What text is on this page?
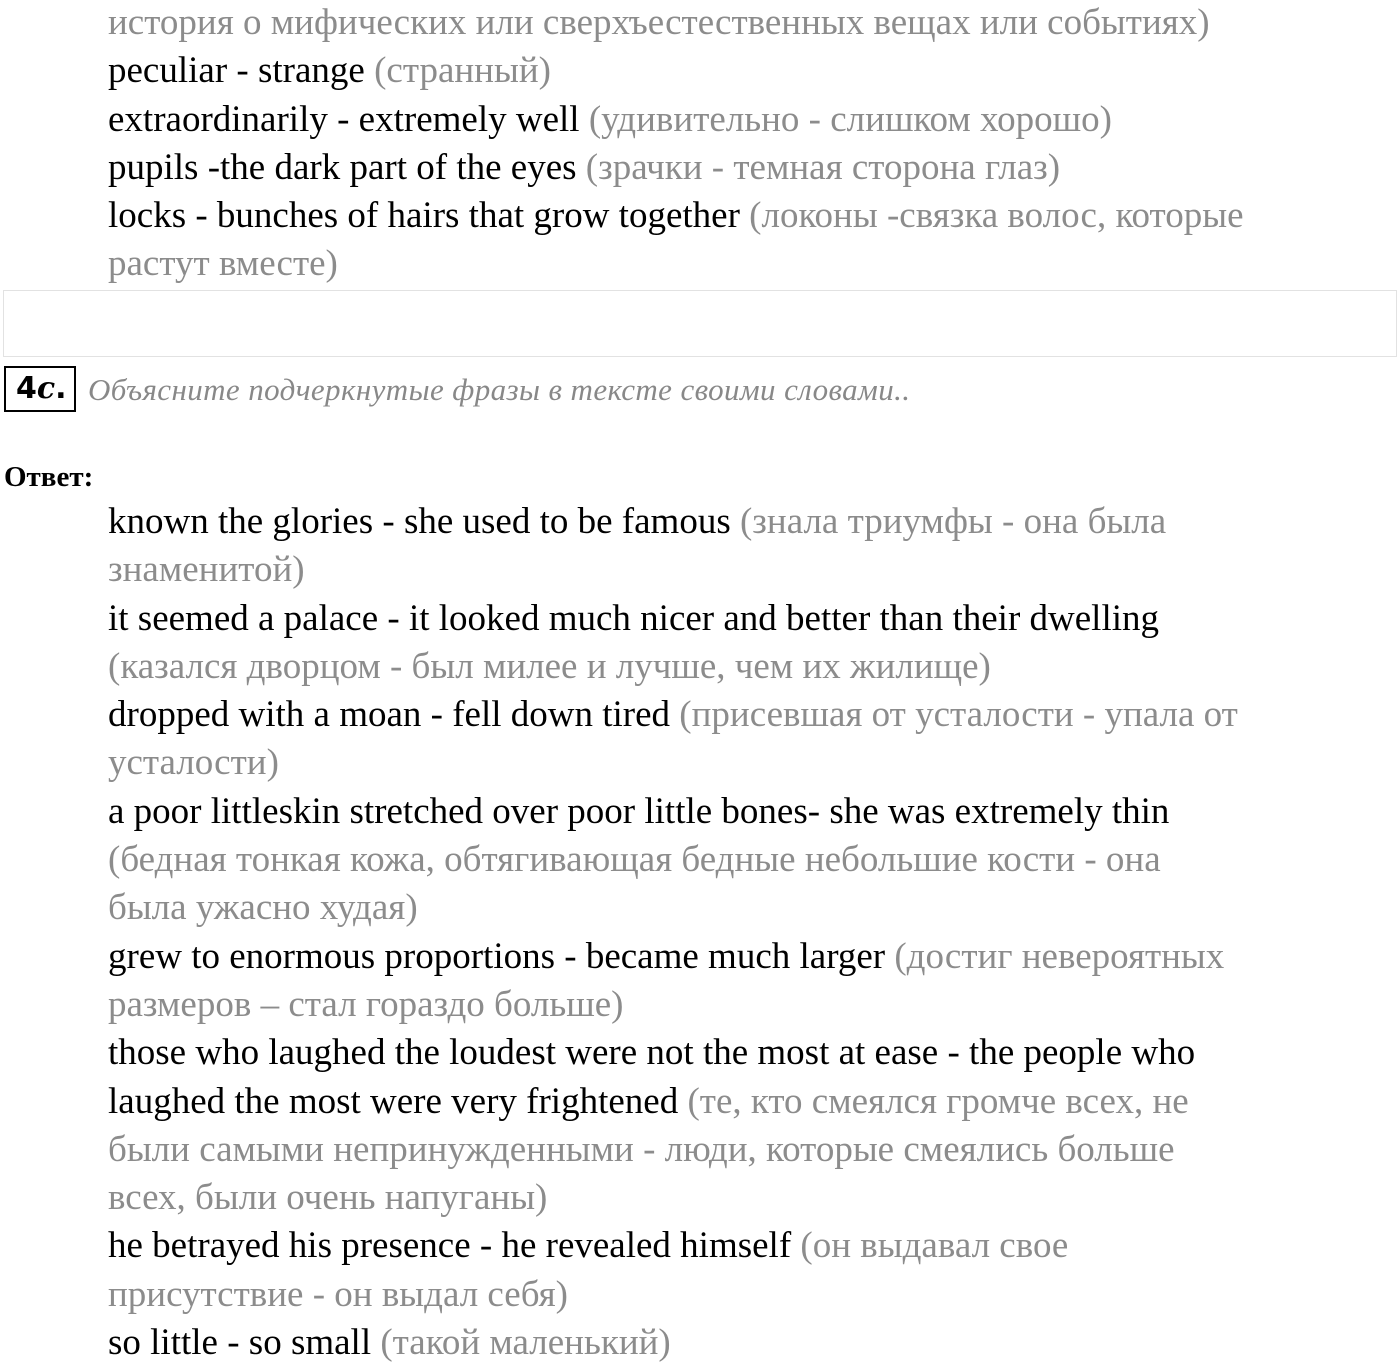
история о мифических или сверхъестественных вещах или событиях)
peculiar - strange (странный)
extraordinarily - extremely well (удивительно - слишком хорошо)
pupils -the dark part of the eyes (зрачки - темная сторона глаз)
locks - bunches of hairs that grow together (локоны -связка волос, которые
растут вместе)
4c. Объясните подчеркнутые фразы в тексте своими словами..
Ответ:
known the glories - she used to be famous (знала триумфы - она была
знаменитой)
it seemed a palace - it looked much nicer and better than their dwelling
(казался дворцом - был милее и лучше, чем их жилище)
dropped with a moan - fell down tired (присевшая от усталости - упала от
усталости)
a poor littleskin stretched over poor little bones- she was extremely thin
(бедная тонкая кожа, обтягивающая бедные небольшие кости - она
была ужасно худая)
grew to enormous proportions - became much larger (достиг невероятных
размеров – стал гораздо больше)
those who laughed the loudest were not the most at ease - the people who
laughed the most were very frightened (те, кто смеялся громче всех, не
были самыми непринужденными - люди, которые смеялись больше
всех, были очень напуганы)
he betrayed his presence - he revealed himself (он выдавал свое
присутствие - он выдал себя)
so little - so small (такой маленький)
